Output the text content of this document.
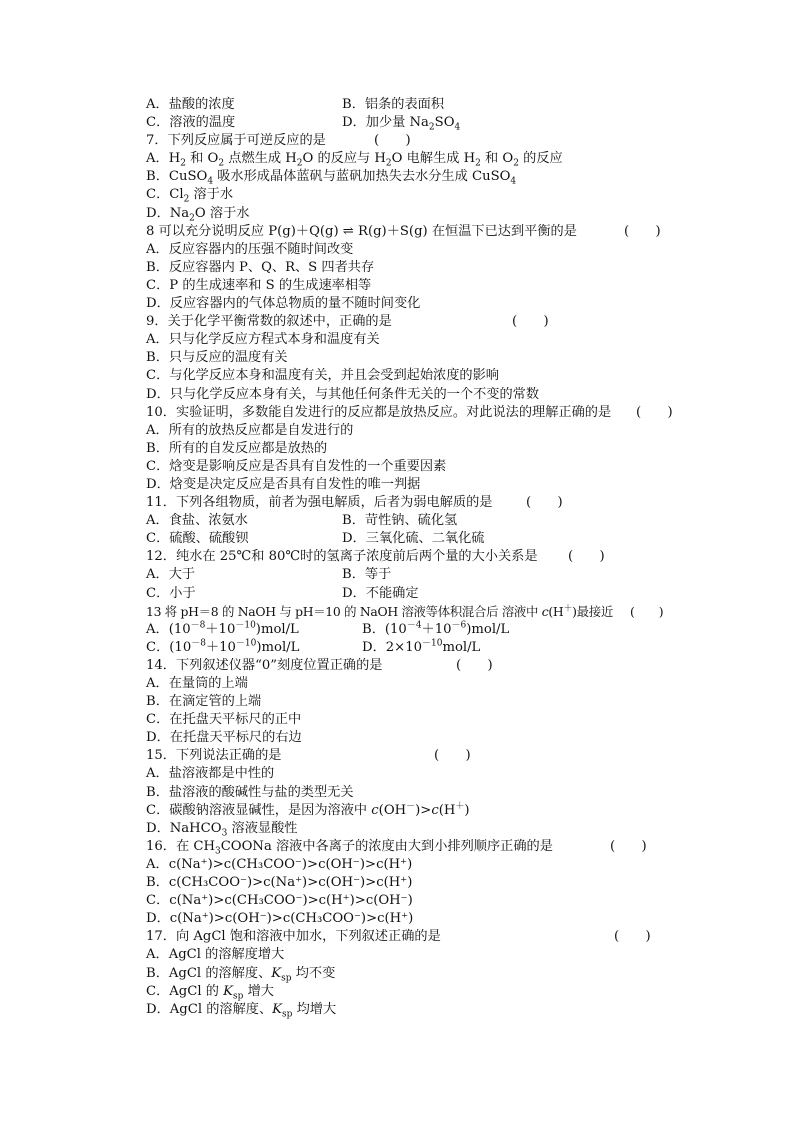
A．盐酸的浓度	B．铝条的表面积
C．溶液的温度	D．加少量 $Na_2SO_4$
7．下列反应属于可逆反应的是	(　　)
A．$H_2$ 和 $O_2$ 点燃生成 $H_2O$ 的反应与 $H_2O$ 电解生成 $H_2$ 和 $O_2$ 的反应
B．CuSO$_4$ 吸水形成晶体蓝矾与蓝矾加热失去水分生成 CuSO$_4$
C．$Cl_2$ 溶于水
D．$Na_2O$ 溶于水
8 可以充分说明反应 P(g)＋Q(g) ⇌ R(g)＋S(g) 在恒温下已达到平衡的是	(　　)
A．反应容器内的压强不随时间改变
B．反应容器内 P、Q、R、S 四者共存
C．P 的生成速率和 S 的生成速率相等
D．反应容器内的气体总物质的量不随时间变化
9．关于化学平衡常数的叙述中，正确的是	(　　)
A．只与化学反应方程式本身和温度有关
B．只与反应的温度有关
C．与化学反应本身和温度有关，并且会受到起始浓度的影响
D．只与化学反应本身有关，与其他任何条件无关的一个不变的常数
10．实验证明，多数能自发进行的反应都是放热反应。对此说法的理解正确的是 (　　)
A．所有的放热反应都是自发进行的
B．所有的自发反应都是放热的
C．焓变是影响反应是否具有自发性的一个重要因素
D．焓变是决定反应是否具有自发性的唯一判据
11．下列各组物质，前者为强电解质，后者为弱电解质的是	(　　)
A．食盐、浓氨水	B．苛性钠、硫化氢
C．硫酸、硫酸钡	D．三氧化硫、二氧化硫
12．纯水在 25℃和 80℃时的氢离子浓度前后两个量的大小关系是 (　　)
A．大于	B．等于
C．小于	D．不能确定
13 将 pH＝8 的 NaOH 与 pH＝10 的 NaOH 溶液等体积混合后 溶液中 c(H＋)最接近 (　　)
A．$(10^{-8}+10^{-10})mol/L$	B．$(10^{-4}+10^{-6})mol/L$
C．$(10^{-8}+10^{-10})mol/L$	D．$2\times 10^{-10}mol/L$
14．下列叙述仪器“0”刻度位置正确的是	(　　)
A．在量筒的上端
B．在滴定管的上端
C．在托盘天平标尺的正中
D．在托盘天平标尺的右边
15．下列说法正确的是	(　　)
A．盐溶液都是中性的
B．盐溶液的酸碱性与盐的类型无关
C．碳酸钠溶液显碱性，是因为溶液中 c(OH－)>c(H＋)
D．NaHCO$_3$ 溶液显酸性
16．在 $CH_3COONa$ 溶液中各离子的浓度由大到小排列顺序正确的是	(　　)
A．c(Na⁺)>c(CH₃COO⁻)>c(OH⁻)>c(H⁺)
B．c(CH₃COO⁻)>c(Na⁺)>c(OH⁻)>c(H⁺)
C．c(Na⁺)>c(CH₃COO⁻)>c(H⁺)>c(OH⁻)
D．c(Na⁺)>c(OH⁻)>c(CH₃COO⁻)>c(H⁺)
17．向 AgCl 饱和溶液中加水，下列叙述正确的是	(　　)
A．AgCl 的溶解度增大
B．AgCl 的溶解度、$K_{sp}$ 均不变
C．AgCl 的 $K_{sp}$ 增大
D．AgCl 的溶解度、$K_{sp}$ 均增大
